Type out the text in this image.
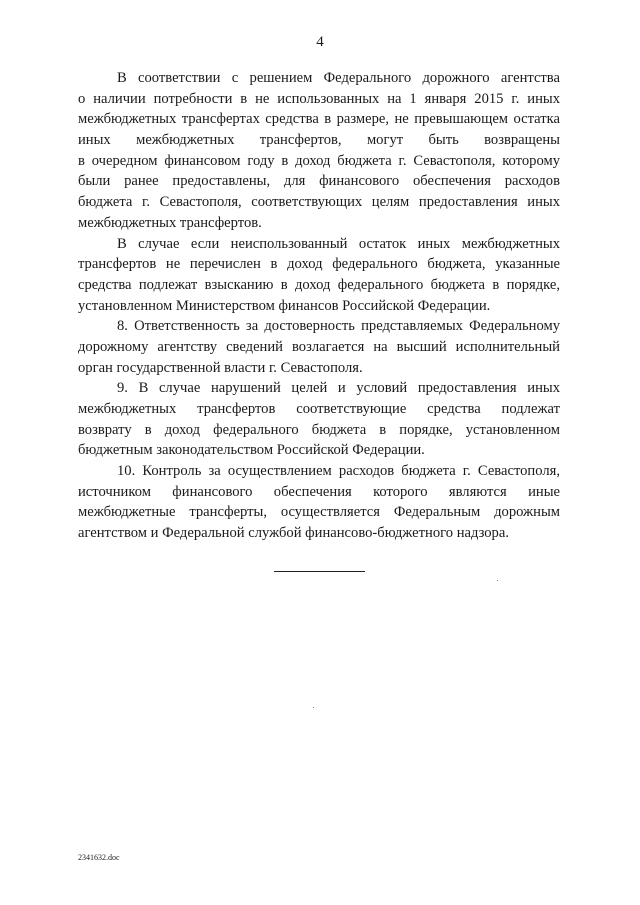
4
В соответствии с решением Федерального дорожного агентства
о наличии потребности в не использованных на 1 января 2015 г. иных
межбюджетных трансфертах средства в размере, не превышающем остатка
иных межбюджетных трансфертов, могут быть возвращены
в очередном финансовом году в доход бюджета г. Севастополя, которому
были ранее предоставлены, для финансового обеспечения расходов
бюджета г. Севастополя, соответствующих целям предоставления иных
межбюджетных трансфертов.
В случае если неиспользованный остаток иных межбюджетных
трансфертов не перечислен в доход федерального бюджета, указанные
средства подлежат взысканию в доход федерального бюджета в порядке,
установленном Министерством финансов Российской Федерации.
8. Ответственность за достоверность представляемых Федеральному
дорожному агентству сведений возлагается на высший исполнительный
орган государственной власти г. Севастополя.
9. В случае нарушений целей и условий предоставления иных
межбюджетных трансфертов соответствующие средства подлежат
возврату в доход федерального бюджета в порядке, установленном
бюджетным законодательством Российской Федерации.
10. Контроль за осуществлением расходов бюджета г. Севастополя,
источником финансового обеспечения которого являются иные
межбюджетные трансферты, осуществляется Федеральным дорожным
агентством и Федеральной службой финансово-бюджетного надзора.
2341632.doc
